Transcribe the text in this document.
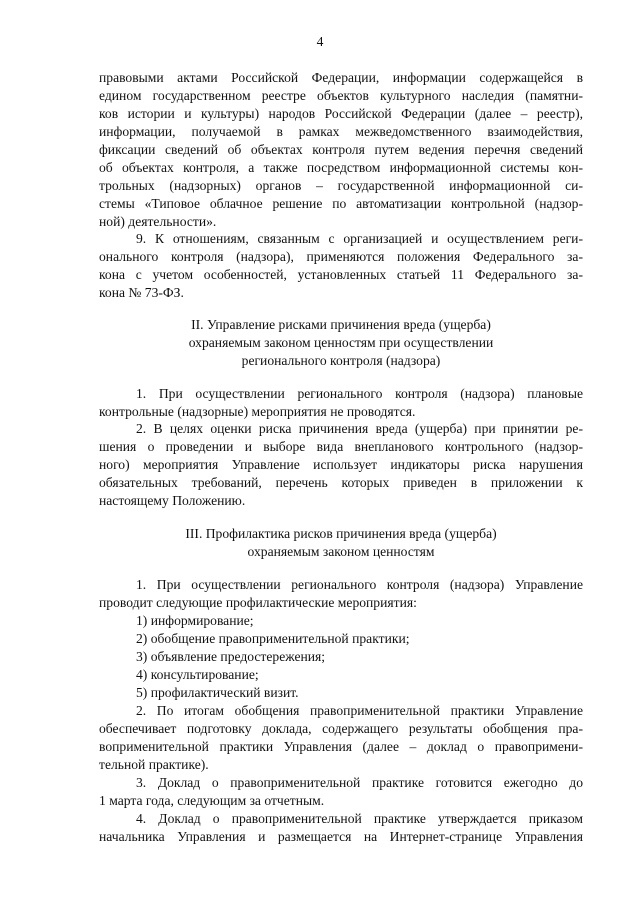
4
правовыми актами Российской Федерации, информации содержащейся в
едином государственном реестре объектов культурного наследия (памятни-
ков истории и культуры) народов Российской Федерации (далее – реестр),
информации, получаемой в рамках межведомственного взаимодействия,
фиксации сведений об объектах контроля путем ведения перечня сведений
об объектах контроля, а также посредством информационной системы кон-
трольных (надзорных) органов – государственной информационной си-
стемы «Типовое облачное решение по автоматизации контрольной (надзор-
ной) деятельности».
9. К отношениям, связанным с организацией и осуществлением реги-
онального контроля (надзора), применяются положения Федерального за-
кона с учетом особенностей, установленных статьей 11 Федерального за-
кона № 73-ФЗ.
II. Управление рисками причинения вреда (ущерба)
охраняемым законом ценностям при осуществлении
регионального контроля (надзора)
1. При осуществлении регионального контроля (надзора) плановые
контрольные (надзорные) мероприятия не проводятся.
2. В целях оценки риска причинения вреда (ущерба) при принятии ре-
шения о проведении и выборе вида внепланового контрольного (надзор-
ного) мероприятия Управление использует индикаторы риска нарушения
обязательных требований, перечень которых приведен в приложении к
настоящему Положению.
III. Профилактика рисков причинения вреда (ущерба)
охраняемым законом ценностям
1. При осуществлении регионального контроля (надзора) Управление
проводит следующие профилактические мероприятия:
1) информирование;
2) обобщение правоприменительной практики;
3) объявление предостережения;
4) консультирование;
5) профилактический визит.
2. По итогам обобщения правоприменительной практики Управление
обеспечивает подготовку доклада, содержащего результаты обобщения пра-
воприменительной практики Управления (далее – доклад о правопримени-
тельной практике).
3. Доклад о правоприменительной практике готовится ежегодно до
1 марта года, следующим за отчетным.
4. Доклад о правоприменительной практике утверждается приказом
начальника Управления и размещается на Интернет-странице Управления
